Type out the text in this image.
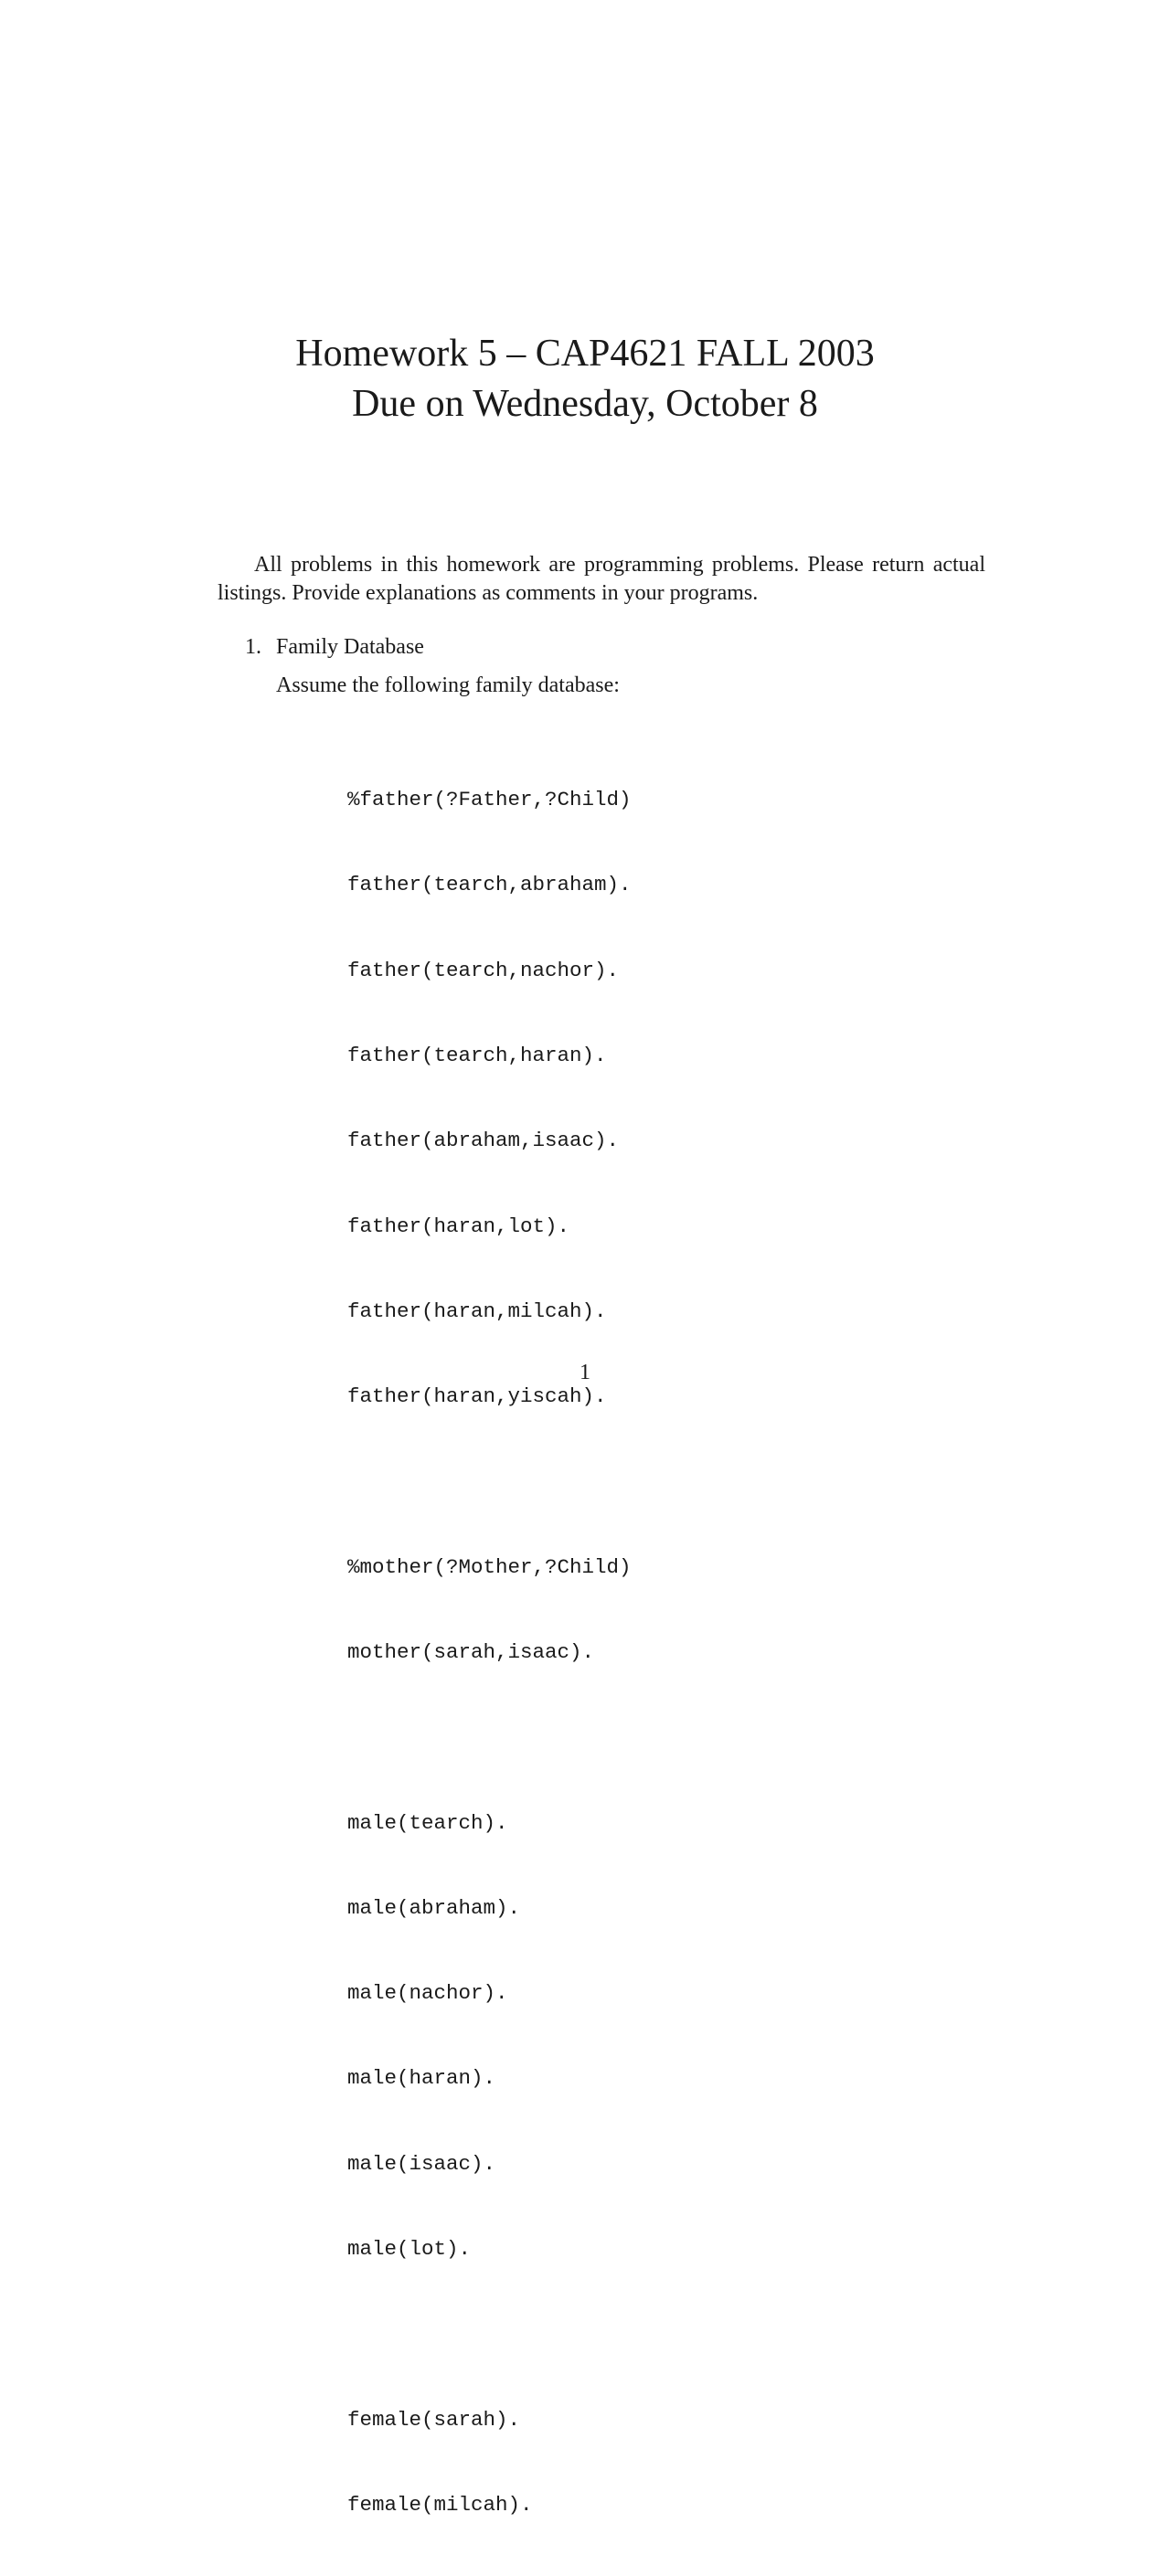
Homework 5 – CAP4621 FALL 2003
Due on Wednesday, October 8

All problems in this homework are programming problems. Please return actual listings. Provide explanations as comments in your programs.

1. Family Database
Assume the following family database:

%father(?Father,?Child)

father(tearch,abraham).

father(tearch,nachor).

father(tearch,haran).

father(abraham,isaac).

father(haran,lot).

father(haran,milcah).

father(haran,yiscah).

%mother(?Mother,?Child)

mother(sarah,isaac).

male(tearch).

male(abraham).

male(nachor).

male(haran).

male(isaac).

male(lot).

female(sarah).

female(milcah).

1
